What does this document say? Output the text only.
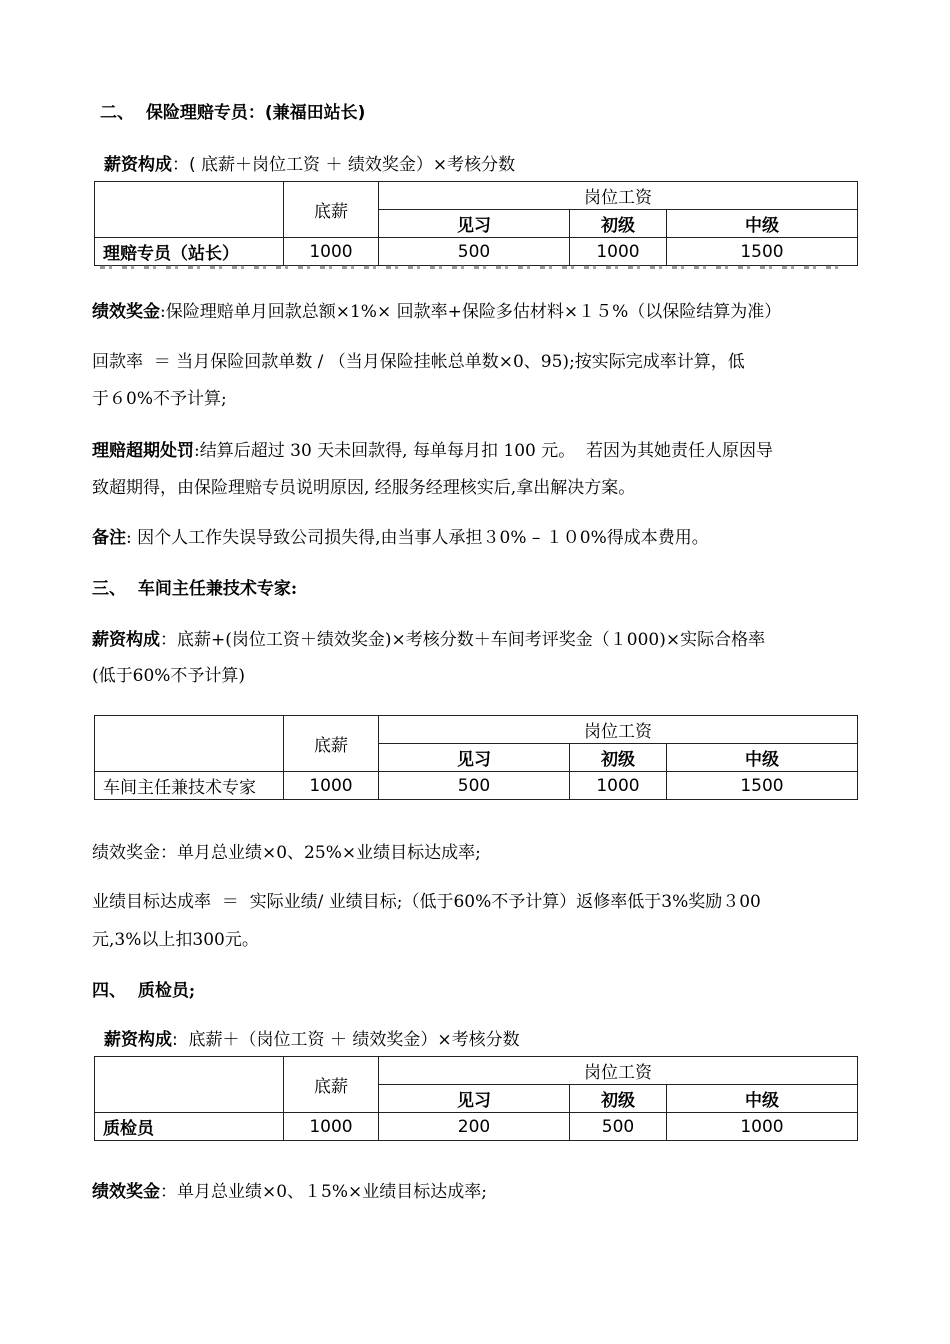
二、  保险理赔专员：(兼福田站长)
薪资构成：( 底薪＋岗位工资 ＋ 绩效奖金）×考核分数
	底薪	岗位工资		
		见习	初级	中级
理赔专员（站长）	1000	500	1000	1500
绩效奖金:保险理赔单月回款总额×1%× 回款率+保险多估材料×１５%（以保险结算为准）
回款率  ＝ 当月保险回款单数 / （当月保险挂帐总单数×0、95);按实际完成率计算，低
于６0%不予计算;
理赔超期处罚:结算后超过 30 天未回款得, 每单每月扣 100 元。  若因为其她责任人原因导
致超期得，由保险理赔专员说明原因, 经服务经理核实后,拿出解决方案。
备注: 因个人工作失误导致公司损失得,由当事人承担３0% – １０0%得成本费用。
三、  车间主任兼技术专家:
薪资构成：底薪+(岗位工资＋绩效奖金)×考核分数＋车间考评奖金（１000)×实际合格率
(低于60%不予计算)
	底薪	岗位工资		
		见习	初级	中级
车间主任兼技术专家	1000	500	1000	1500
绩效奖金：单月总业绩×0、25%×业绩目标达成率;
业绩目标达成率  ＝  实际业绩/ 业绩目标;（低于60%不予计算）返修率低于3%奖励３00
元,3%以上扣300元。
四、  质检员;
薪资构成:  底薪＋（岗位工资 ＋ 绩效奖金）×考核分数
	底薪	岗位工资		
		见习	初级	中级
质检员	1000	200	500	1000
绩效奖金：单月总业绩×0、１5%×业绩目标达成率;
